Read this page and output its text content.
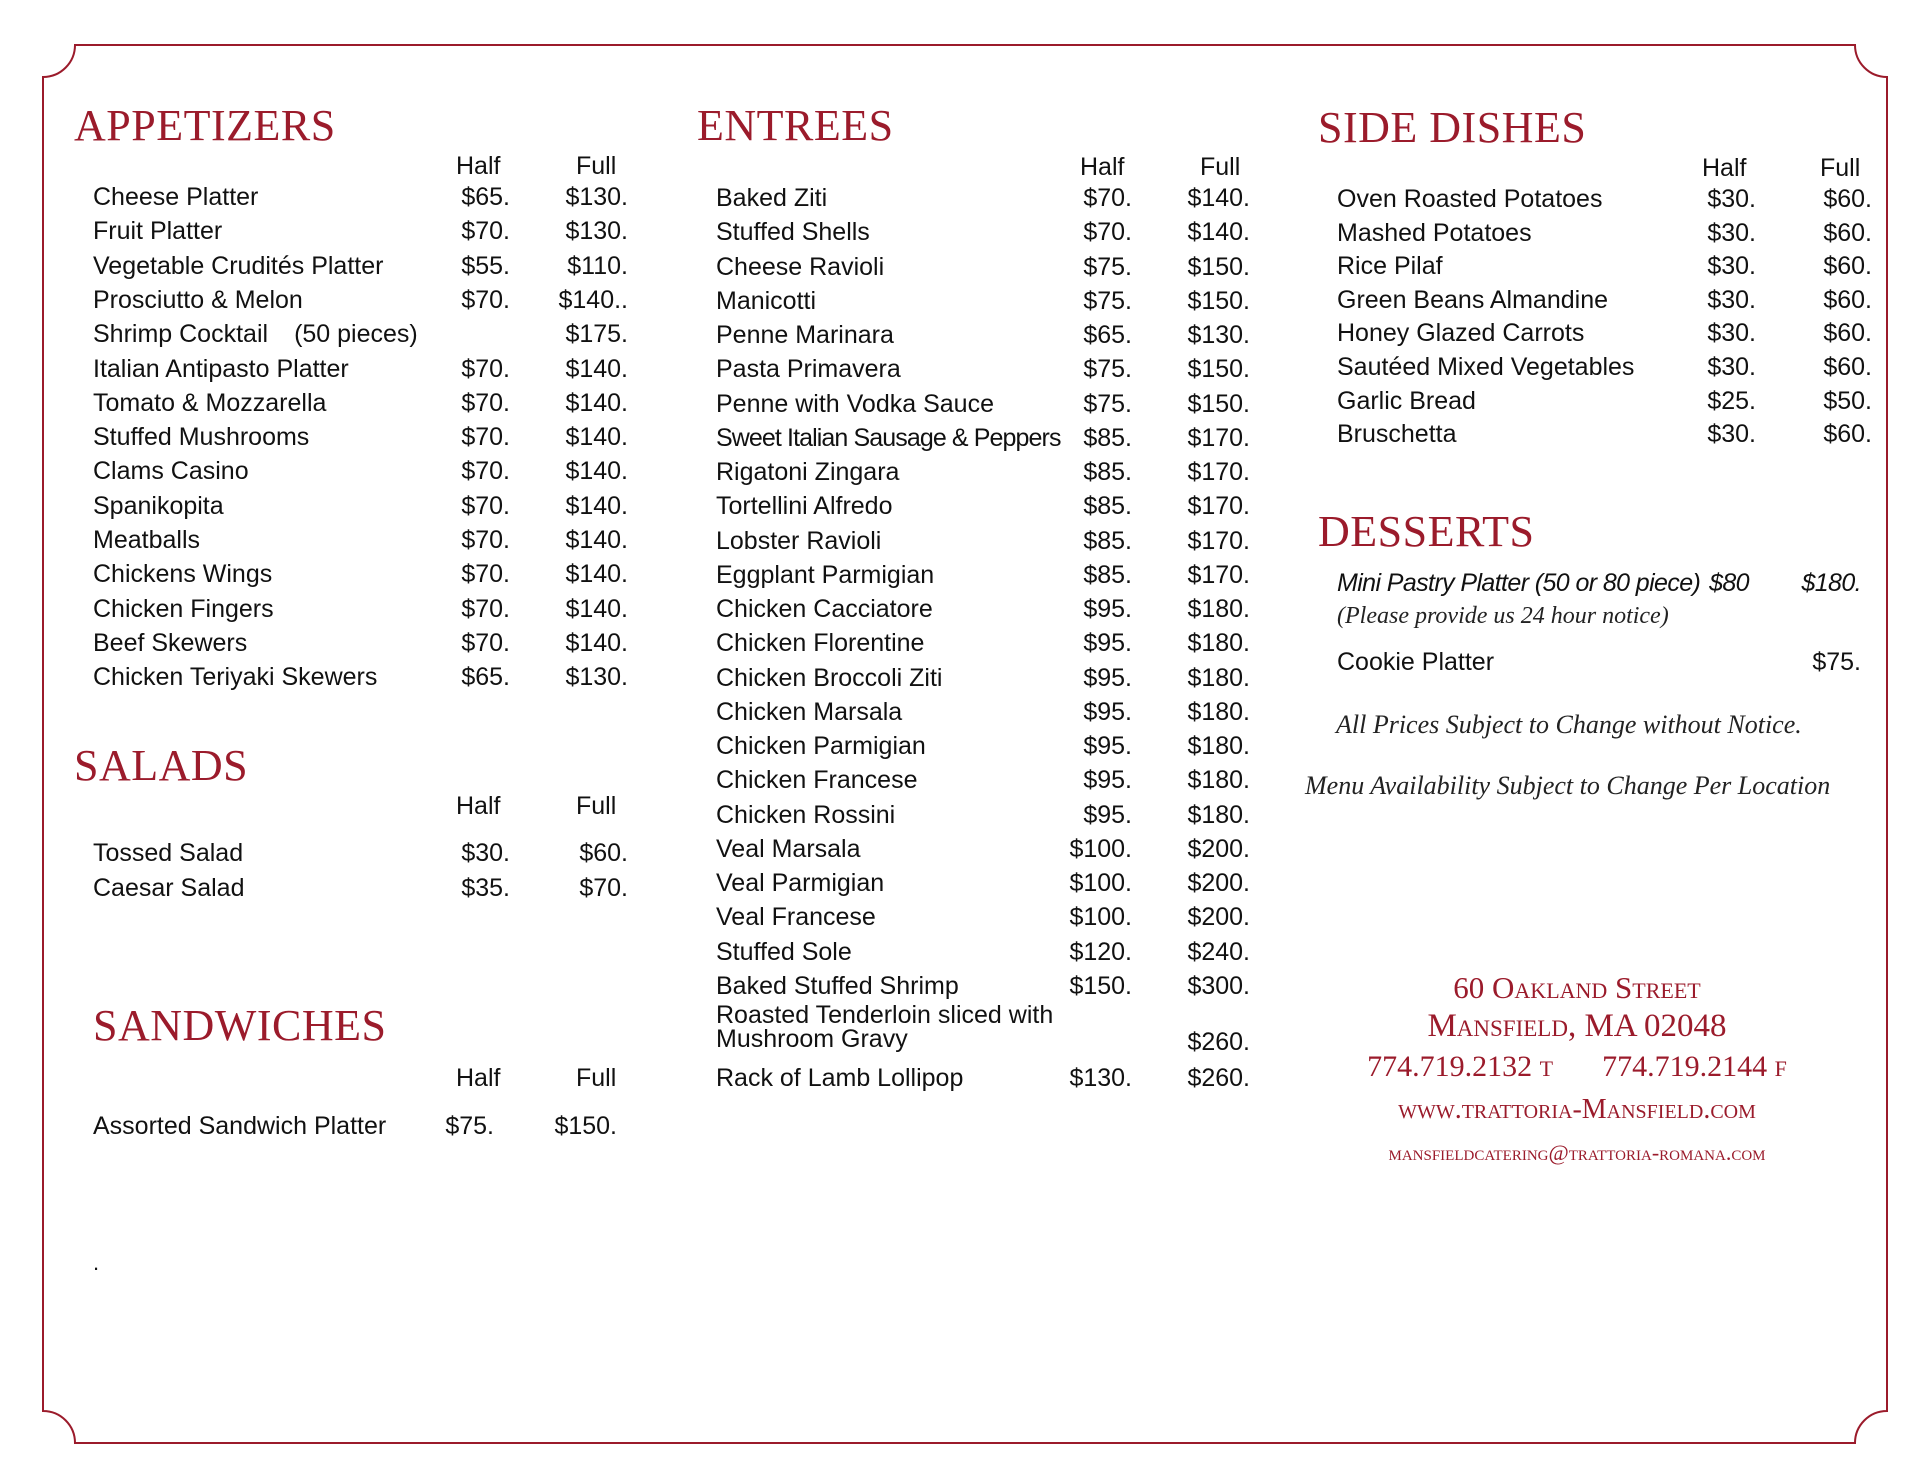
APPETIZERS
Half	Full
Cheese Platter	$65. $130.
Fruit Platter	$70. $130.
Vegetable Crudités Platter	$55. $110.
Prosciutto & Melon	$70. $140..
Shrimp Cocktail (50 pieces)	$175.
Italian Antipasto Platter	$70. $140.
Tomato & Mozzarella	$70. $140.
Stuffed Mushrooms	$70. $140.
Clams Casino	$70. $140.
Spanikopita	$70. $140.
Meatballs	$70. $140.
Chickens Wings	$70. $140.
Chicken Fingers	$70. $140.
Beef Skewers	$70. $140.
Chicken Teriyaki Skewers	$65. $130.
SALADS
Half	Full
Tossed Salad	$30.	$60.
Caesar Salad	$35.	$70.
SANDWICHES
Half	Full
Assorted Sandwich Platter $75. $150.
.
ENTREES
Half	Full
Baked Ziti	$70. $140.
Stuffed Shells	$70. $140.
Cheese Ravioli	$75. $150.
Manicotti	$75. $150.
Penne Marinara	$65. $130.
Pasta Primavera	$75. $150.
Penne with Vodka Sauce	$75. $150.
Sweet Italian Sausage & Peppers $85. $170.
Rigatoni Zingara	$85. $170.
Tortellini Alfredo	$85. $170.
Lobster Ravioli	$85. $170.
Eggplant Parmigian	$85. $170.
Chicken Cacciatore	$95. $180.
Chicken Florentine	$95. $180.
Chicken Broccoli Ziti	$95. $180.
Chicken Marsala	$95. $180.
Chicken Parmigian	$95. $180.
Chicken Francese	$95. $180.
Chicken Rossini	$95. $180.
Veal Marsala	$100. $200.
Veal Parmigian	$100. $200.
Veal Francese	$100. $200.
Stuffed Sole	$120. $240.
Baked Stuffed Shrimp	$150. $300.
Roasted Tenderloin sliced with
Mushroom Gravy	$260.
Rack of Lamb Lollipop	$130. $260.
SIDE DISHES
Half	Full
Oven Roasted Potatoes	$30.	$60.
Mashed Potatoes	$30.	$60.
Rice Pilaf	$30.	$60.
Green Beans Almandine	$30.	$60.
Honey Glazed Carrots	$30.	$60.
Sautéed Mixed Vegetables	$30.	$60.
Garlic Bread	$25.	$50.
Bruschetta	$30.	$60.
DESSERTS
Mini Pastry Platter (50 or 80 piece) $80 $180.
(Please provide us 24 hour notice)
Cookie Platter	$75.
All Prices Subject to Change without Notice.
Menu Availability Subject to Change Per Location
60 Oakland Street
Mansfield, MA 02048
774.719.2132 T 774.719.2144 F
www.trattoria-Mansfield.com
mansfieldcatering@trattoria-romana.com
